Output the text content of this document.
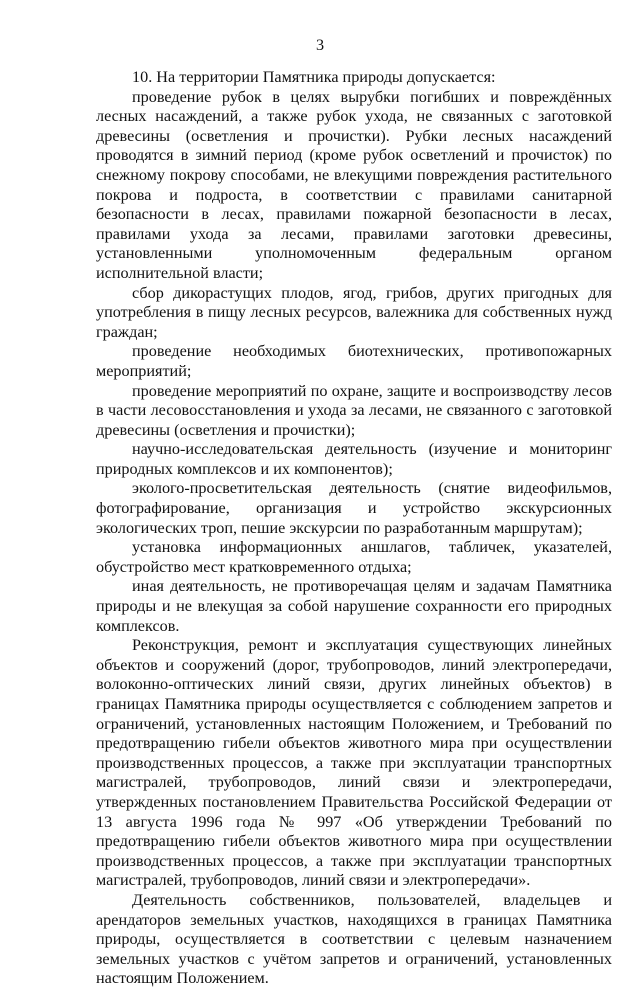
3

10. На территории Памятника природы допускается:

проведение рубок в целях вырубки погибших и повреждённых лесных насаждений, а также рубок ухода, не связанных с заготовкой древесины (осветления и прочистки). Рубки лесных насаждений проводятся в зимний период (кроме рубок осветлений и прочисток) по снежному покрову способами, не влекущими повреждения растительного покрова и подроста, в соответствии с правилами санитарной безопасности в лесах, правилами пожарной безопасности в лесах, правилами ухода за лесами, правилами заготовки древесины, установленными уполномоченным федеральным органом исполнительной власти;

сбор дикорастущих плодов, ягод, грибов, других пригодных для употребления в пищу лесных ресурсов, валежника для собственных нужд граждан;

проведение необходимых биотехнических, противопожарных мероприятий;

проведение мероприятий по охране, защите и воспроизводству лесов в части лесовосстановления и ухода за лесами, не связанного с заготовкой древесины (осветления и прочистки);

научно-исследовательская деятельность (изучение и мониторинг природных комплексов и их компонентов);

эколого-просветительская деятельность (снятие видеофильмов, фотографирование, организация и устройство экскурсионных экологических троп, пешие экскурсии по разработанным маршрутам);

установка информационных аншлагов, табличек, указателей, обустройство мест кратковременного отдыха;

иная деятельность, не противоречащая целям и задачам Памятника природы и не влекущая за собой нарушение сохранности его природных комплексов.

Реконструкция, ремонт и эксплуатация существующих линейных объектов и сооружений (дорог, трубопроводов, линий электропередачи, волоконно-оптических линий связи, других линейных объектов) в границах Памятника природы осуществляется с соблюдением запретов и ограничений, установленных настоящим Положением, и Требований по предотвращению гибели объектов животного мира при осуществлении производственных процессов, а также при эксплуатации транспортных магистралей, трубопроводов, линий связи и электропередачи, утвержденных постановлением Правительства Российской Федерации от 13 августа 1996 года № 997 «Об утверждении Требований по предотвращению гибели объектов животного мира при осуществлении производственных процессов, а также при эксплуатации транспортных магистралей, трубопроводов, линий связи и электропередачи».

Деятельность собственников, пользователей, владельцев и арендаторов земельных участков, находящихся в границах Памятника природы, осуществляется в соответствии с целевым назначением земельных участков с учётом запретов и ограничений, установленных настоящим Положением.
